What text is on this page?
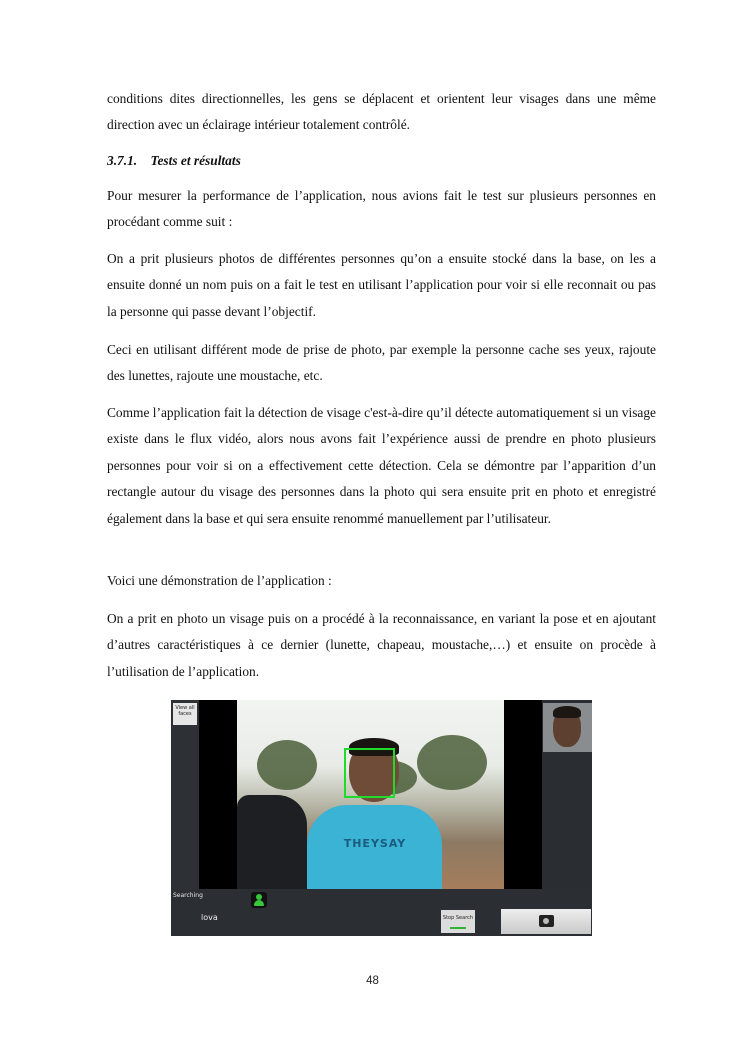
conditions dites directionnelles, les gens se déplacent et orientent leur visages dans une même direction avec un éclairage intérieur totalement contrôlé.

3.7.1. Tests et résultats

Pour mesurer la performance de l’application, nous avions fait le test sur plusieurs personnes en procédant comme suit :

On a prit plusieurs photos de différentes personnes qu’on a ensuite stocké dans la base, on les a ensuite donné un nom puis on a fait le test en utilisant l’application pour voir si elle reconnait ou pas la personne qui passe devant l’objectif.

Ceci en utilisant différent mode de prise de photo, par exemple la personne cache ses yeux, rajoute des lunettes, rajoute une moustache, etc.

Comme l’application fait la détection de visage c'est-à-dire qu’il détecte automatiquement si un visage existe dans le flux vidéo, alors nous avons fait l’expérience aussi de prendre en photo plusieurs personnes pour voir si on a effectivement cette détection. Cela se démontre par l’apparition d’un rectangle autour du visage des personnes dans la photo qui sera ensuite prit en photo et enregistré également dans la base et qui sera ensuite renommé manuellement par l’utilisateur.

Voici une démonstration de l’application :

On a prit en photo un visage puis on a procédé à la reconnaissance, en variant la pose et en ajoutant d’autres caractéristiques à ce dernier (lunette, chapeau, moustache,…) et ensuite on procède à l’utilisation de l’application.

View all faces
THEYSAY
Searching
lova	Stop Search
48
